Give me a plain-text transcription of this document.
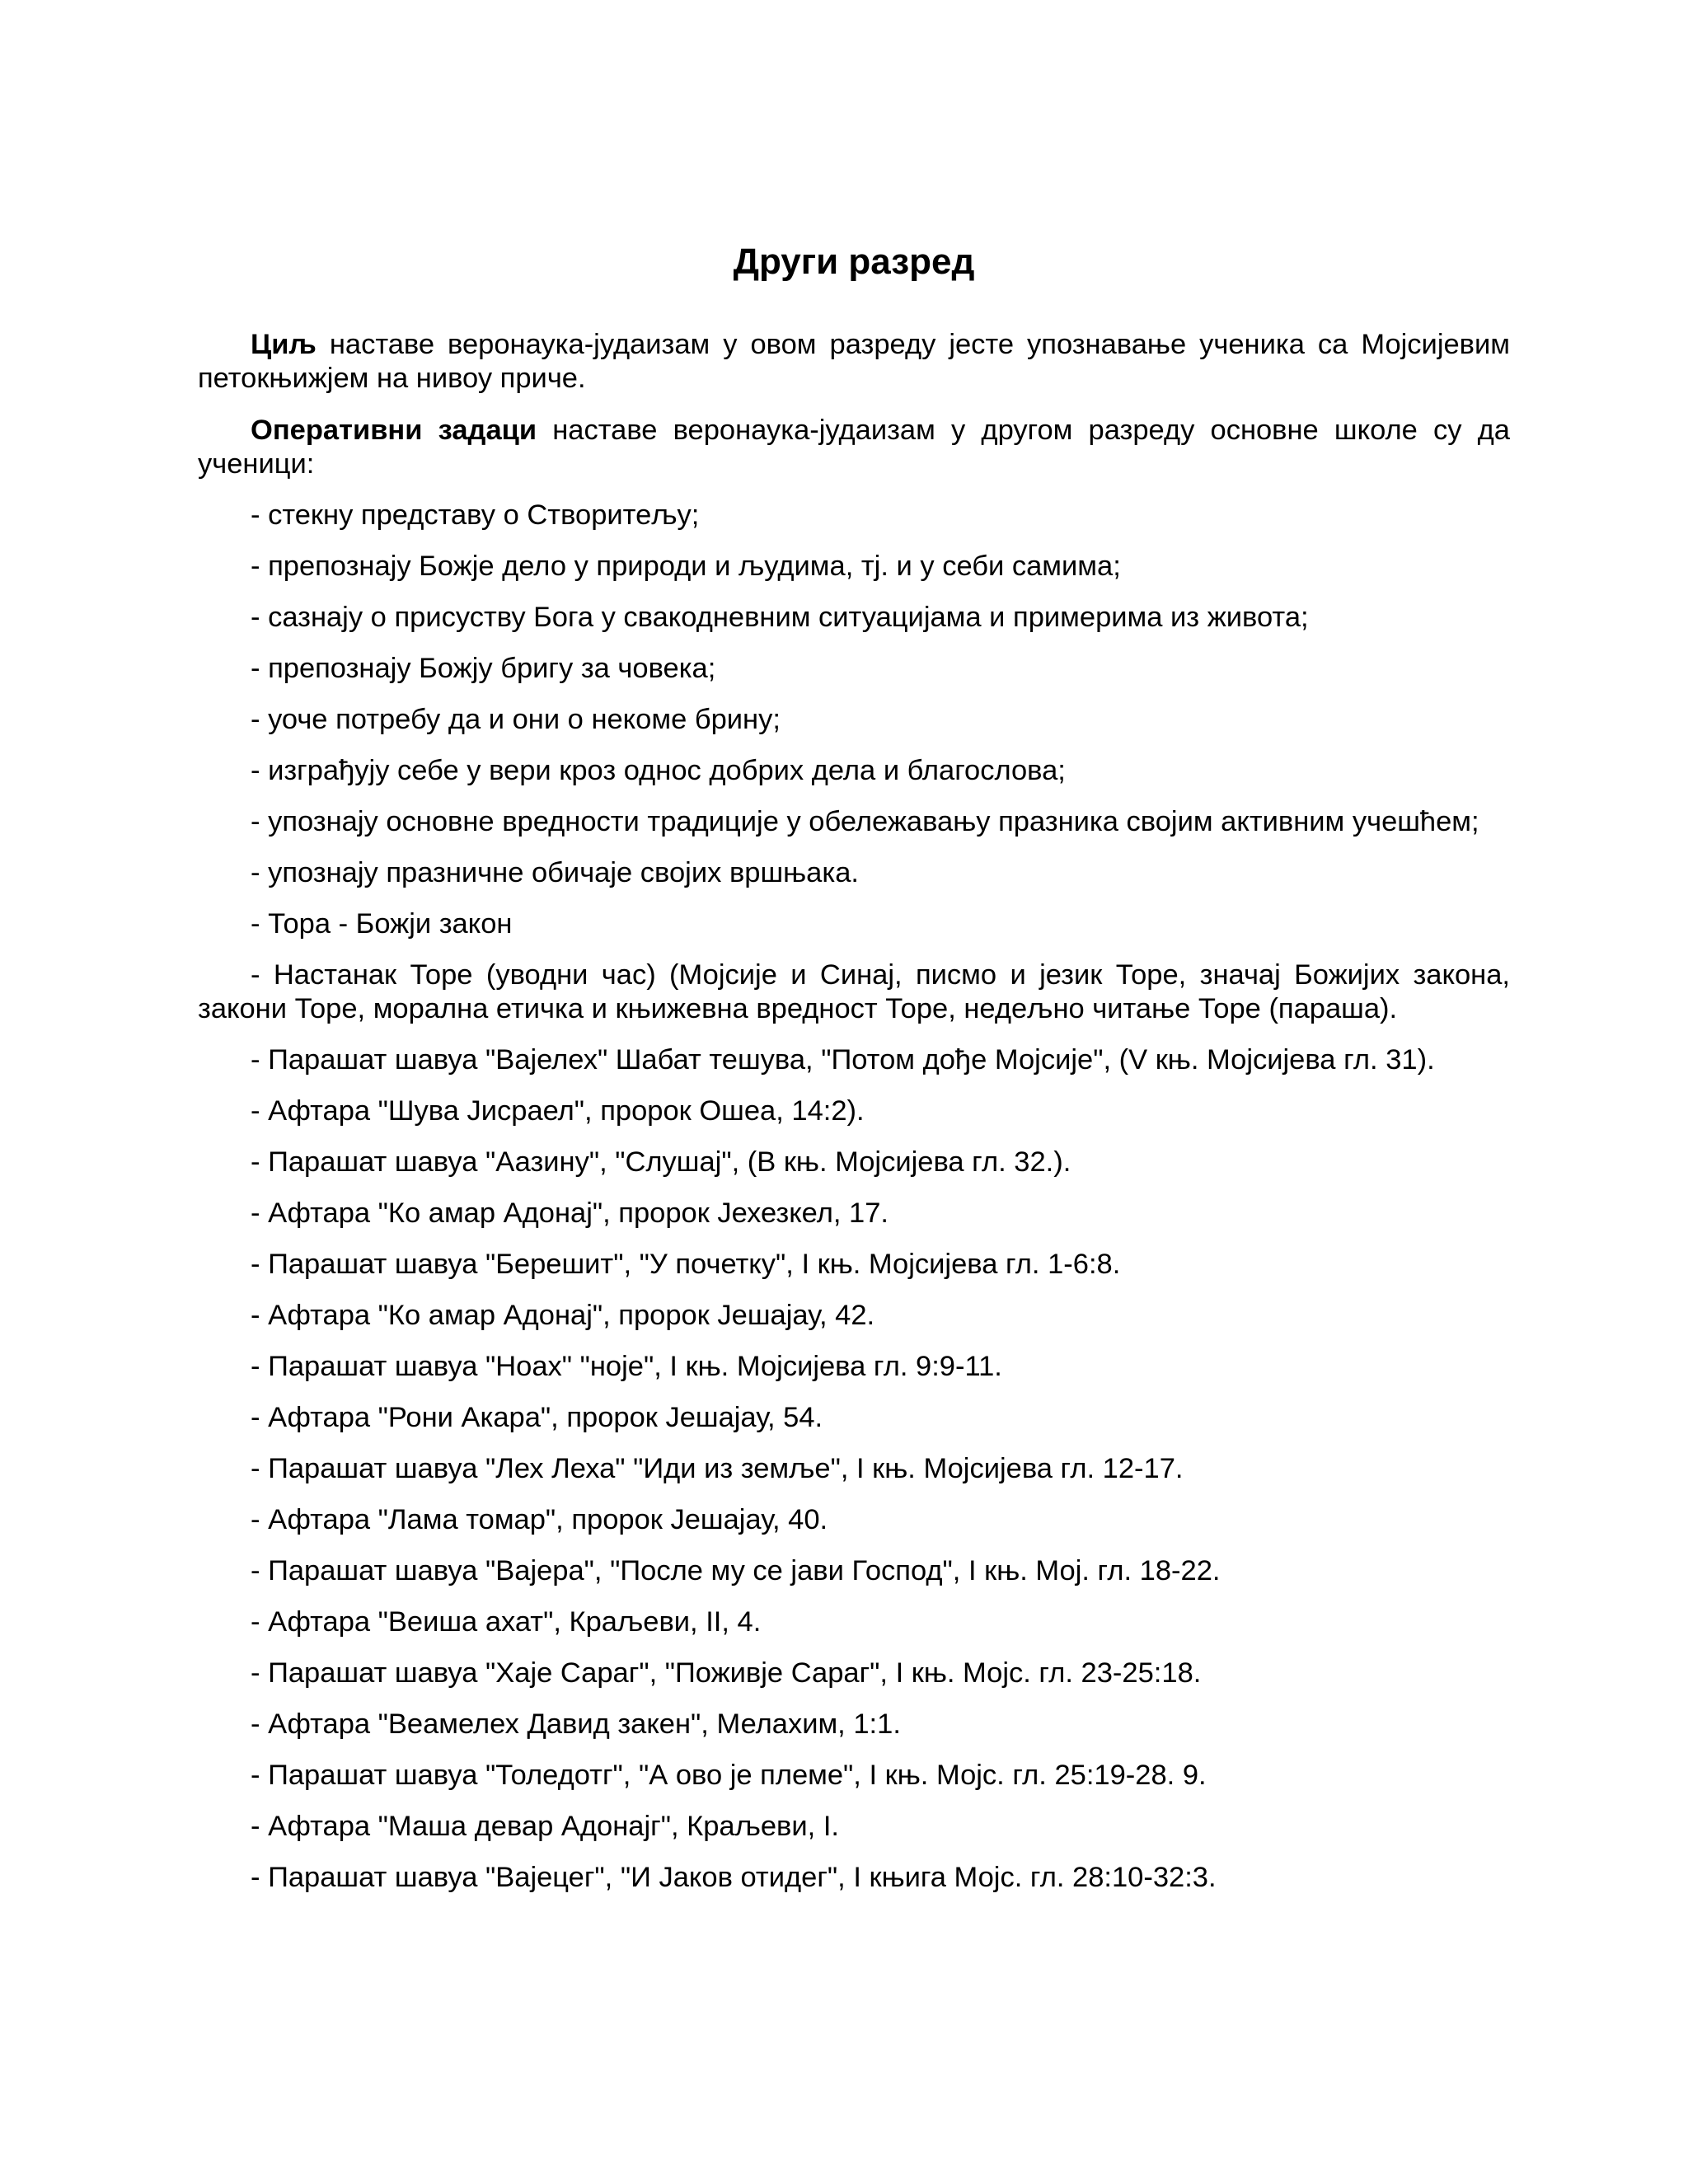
Други разред

Циљ наставе веронаука-јудаизам у овом разреду јесте упознавање ученика са Мојсијевим петокњижјем на нивоу приче.

Оперативни задаци наставе веронаука-јудаизам у другом разреду основне школе су да ученици:

- стекну представу о Створитељу;
- препознају Божје дело у природи и људима, тј. и у себи самима;
- сазнају о присуству Бога у свакодневним ситуацијама и примерима из живота;
- препознају Божју бригу за човека;
- уоче потребу да и они о некоме брину;
- изграђују себе у вери кроз однос добрих дела и благослова;
- упознају основне вредности традиције у обележавању празника својим активним учешћем;
- упознају празничне обичаје својих вршњака.
- Тора - Божји закон
- Настанак Торе (уводни час) (Мојсије и Синај, писмо и језик Торе, значај Божијих закона, закони Торе, морална етичка и књижевна вредност Торе, недељно читање Торе (параша).
- Парашат шавуа "Вајелех" Шабат тешува, "Потом дође Мојсије", (V књ. Мојсијева гл. 31).
- Афтара "Шува Јисраел", пророк Ошеа, 14:2).
- Парашат шавуа "Аазину", "Слушај", (В књ. Мојсијева гл. 32.).
- Афтара "Ко амар Адонај", пророк Јехезкел, 17.
- Парашат шавуа "Берешит", "У почетку", I књ. Мојсијева гл. 1-6:8.
- Афтара "Ко амар Адонај", пророк Јешајау, 42.
- Парашат шавуа "Ноах" "ноје", I књ. Мојсијева гл. 9:9-11.
- Афтара "Рони Акара", пророк Јешајау, 54.
- Парашат шавуа "Лех Леха" "Иди из земље", I књ. Мојсијева гл. 12-17.
- Афтара "Лама томар", пророк Јешајау, 40.
- Парашат шавуа "Вајера", "После му се јави Господ", I књ. Мој. гл. 18-22.
- Афтара "Веиша ахат", Краљеви, II, 4.
- Парашат шавуа "Хаје Сараг", "Поживје Сараг", I књ. Мојс. гл. 23-25:18.
- Афтара "Веамелех Давид закен", Мелахим, 1:1.
- Парашат шавуа "Толедотг", "А ово је племе", I књ. Мојс. гл. 25:19-28. 9.
- Афтара "Маша девар Адонајг", Краљеви, I.
- Парашат шавуа "Вајецег", "И Јаков отидег", I књига Мојс. гл. 28:10-32:3.
